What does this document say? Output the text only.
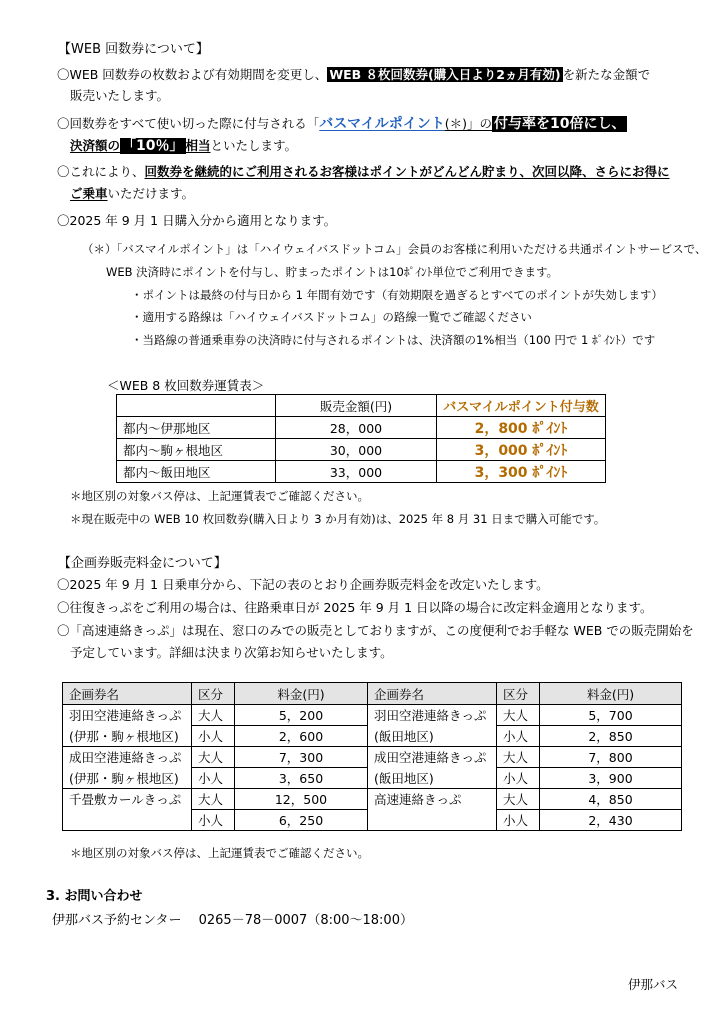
【WEB 回数券について】
〇WEB 回数券の枚数および有効期間を変更し、 WEB ８枚回数券(購入日より2ヵ月有効) を新たな金額で
販売いたします。
〇回数券をすべて使い切った際に付与される「バスマイルポイント(＊)」の 付与率を10倍にし、
決済額の 「10％」 相当といたします。
〇これにより、回数券を継続的にご利用されるお客様はポイントがどんどん貯まり、次回以降、さらにお得に
ご乗車いただけます。
〇2025 年 9 月 1 日購入分から適用となります。
（＊）「バスマイルポイント」は「ハイウェイバスドットコム」会員のお客様に利用いただける共通ポイントサービスで、
WEB 決済時にポイントを付与し、貯まったポイントは10ﾎﾟｲﾝﾄ単位でご利用できます。
・ポイントは最終の付与日から 1 年間有効です（有効期限を過ぎるとすべてのポイントが失効します）
・適用する路線は「ハイウェイバスドットコム」の路線一覧でご確認ください
・当路線の普通乗車券の決済時に付与されるポイントは、決済額の1%相当（100 円で 1 ﾎﾟｲﾝﾄ）です
＜WEB 8 枚回数券運賃表＞
	販売金額(円)	バスマイルポイント付与数
都内～伊那地区	28，000	2，800 ﾎﾟｲﾝﾄ
都内～駒ヶ根地区	30，000	3，000 ﾎﾟｲﾝﾄ
都内～飯田地区	33，000	3，300 ﾎﾟｲﾝﾄ
＊地区別の対象バス停は、上記運賃表でご確認ください。
＊現在販売中の WEB 10 枚回数券(購入日より 3 か月有効)は、2025 年 8 月 31 日まで購入可能です。
【企画券販売料金について】
〇2025 年 9 月 1 日乗車分から、下記の表のとおり企画券販売料金を改定いたします。
〇往復きっぷをご利用の場合は、往路乗車日が 2025 年 9 月 1 日以降の場合に改定料金適用となります。
〇「高速連絡きっぷ」は現在、窓口のみでの販売としておりますが、この度便利でお手軽な WEB での販売開始を
予定しています。詳細は決まり次第お知らせいたします。
企画券名	区分	料金(円)	企画券名	区分	料金(円)
羽田空港連絡きっぷ	大人	5，200	羽田空港連絡きっぷ	大人	5，700
(伊那・駒ヶ根地区)	小人	2，600	(飯田地区)	小人	2，850
成田空港連絡きっぷ	大人	7，300	成田空港連絡きっぷ	大人	7，800
(伊那・駒ヶ根地区)	小人	3，650	(飯田地区)	小人	3，900
千畳敷カールきっぷ	大人	12，500	高速連絡きっぷ	大人	4，850
	小人	6，250		小人	2，430
＊地区別の対象バス停は、上記運賃表でご確認ください。
3. お問い合わせ
伊那バス予約センター　 0265－78－0007（8:00～18:00）
伊那バス
